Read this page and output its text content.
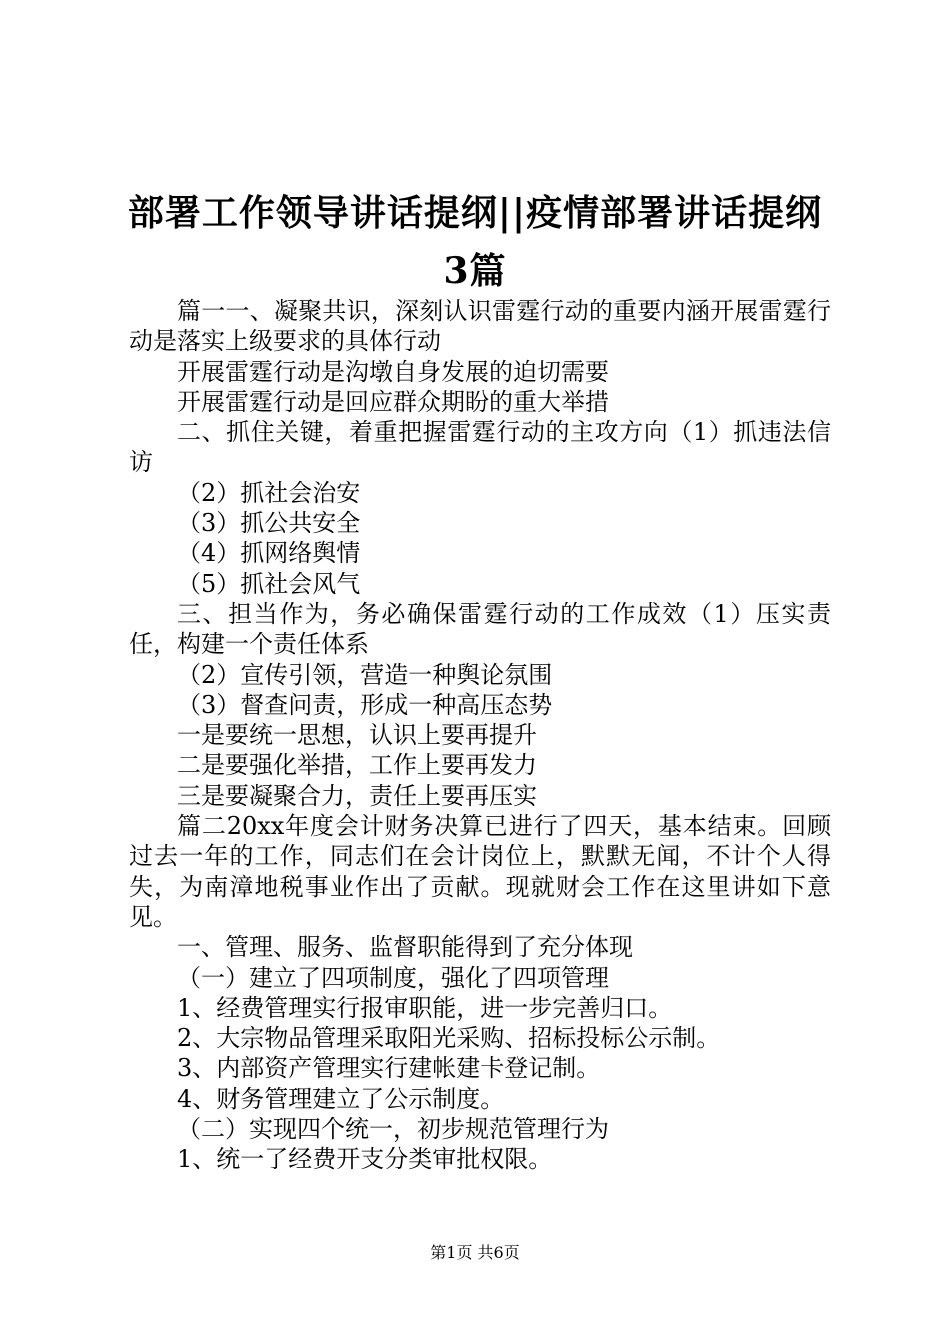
部署工作领导讲话提纲||疫情部署讲话提纲3篇

篇一一、凝聚共识，深刻认识雷霆行动的重要内涵开展雷霆行动是落实上级要求的具体行动

开展雷霆行动是沟墩自身发展的迫切需要

开展雷霆行动是回应群众期盼的重大举措

二、抓住关键，着重把握雷霆行动的主攻方向（1）抓违法信访

（2）抓社会治安

（3）抓公共安全

（4）抓网络舆情

（5）抓社会风气

三、担当作为，务必确保雷霆行动的工作成效（1）压实责任，构建一个责任体系

（2）宣传引领，营造一种舆论氛围

（3）督查问责，形成一种高压态势

一是要统一思想，认识上要再提升

二是要强化举措，工作上要再发力

三是要凝聚合力，责任上要再压实

篇二20xx年度会计财务决算已进行了四天，基本结束。回顾过去一年的工作，同志们在会计岗位上，默默无闻，不计个人得失，为南漳地税事业作出了贡献。现就财会工作在这里讲如下意见。

一、管理、服务、监督职能得到了充分体现

（一）建立了四项制度，强化了四项管理

1、经费管理实行报审职能，进一步完善归口。

2、大宗物品管理采取阳光采购、招标投标公示制。

3、内部资产管理实行建帐建卡登记制。

4、财务管理建立了公示制度。

（二）实现四个统一，初步规范管理行为

1、统一了经费开支分类审批权限。

第1页 共6页
